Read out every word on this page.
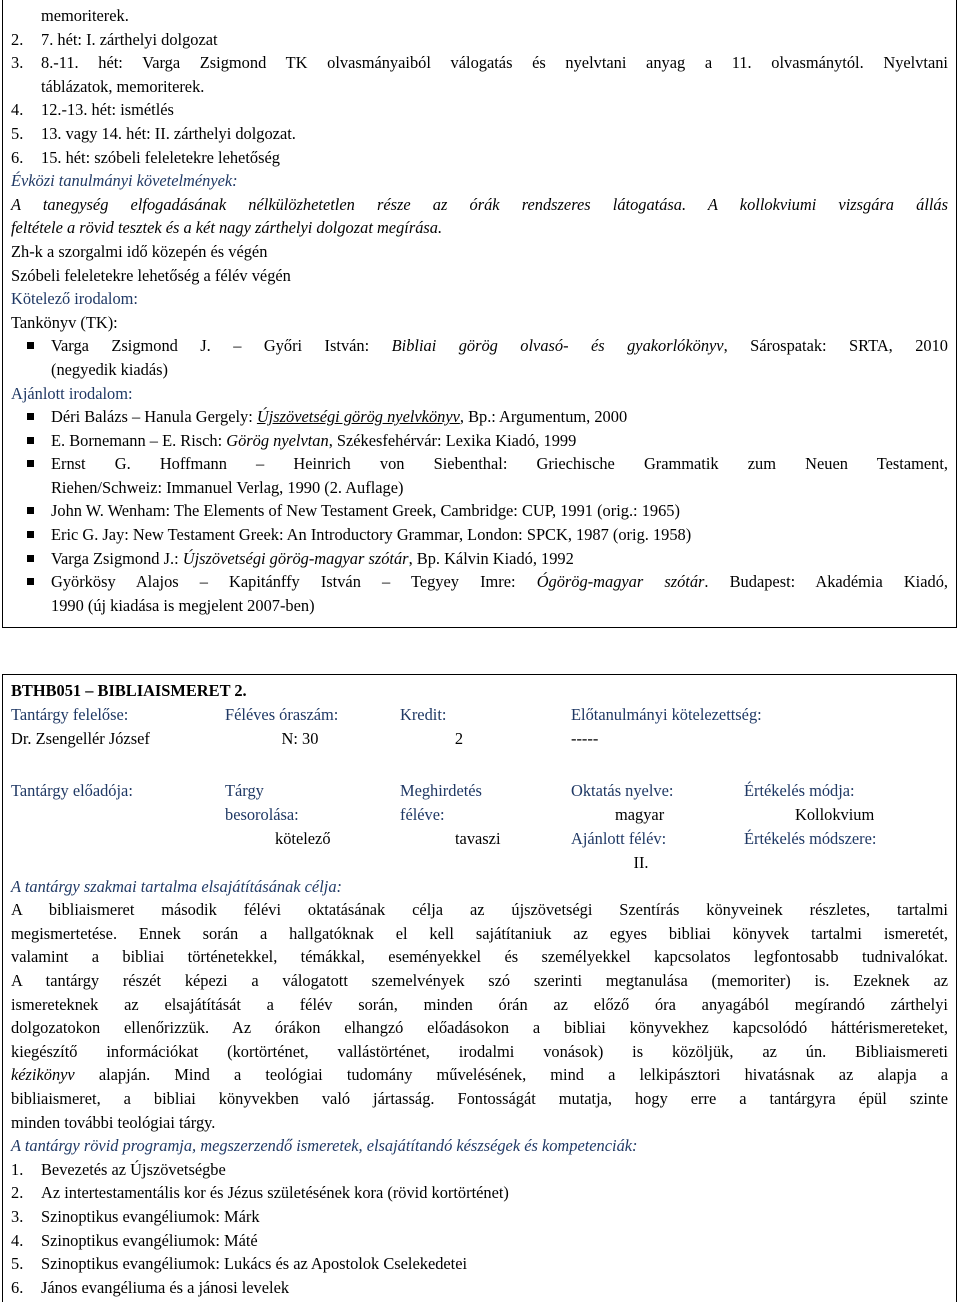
memoriterek.
2. 7. hét: I. zárthelyi dolgozat
3. 8.-11. hét: Varga Zsigmond TK olvasmányaiból válogatás és nyelvtani anyag a 11. olvasmánytól. Nyelvtani
táblázatok, memoriterek.
4. 12.-13. hét: ismétlés
5. 13. vagy 14. hét: II. zárthelyi dolgozat.
6. 15. hét: szóbeli feleletekre lehetőség
Évközi tanulmányi követelmények:
A tanegység elfogadásának nélkülözhetetlen része az órák rendszeres látogatása. A kollokviumi vizsgára állás
feltétele a rövid tesztek és a két nagy zárthelyi dolgozat megírása.
Zh-k a szorgalmi idő közepén és végén
Szóbeli feleletekre lehetőség a félév végén
Kötelező irodalom:
Tankönyv (TK):
Varga Zsigmond J. – Győri István: Bibliai görög olvasó- és gyakorlókönyv, Sárospatak: SRTA, 2010
(negyedik kiadás)
Ajánlott irodalom:
Déri Balázs – Hanula Gergely: Újszövetségi görög nyelvkönyv, Bp.: Argumentum, 2000
E. Bornemann – E. Risch: Görög nyelvtan, Székesfehérvár: Lexika Kiadó, 1999
Ernst G. Hoffmann – Heinrich von Siebenthal: Griechische Grammatik zum Neuen Testament,
Riehen/Schweiz: Immanuel Verlag, 1990 (2. Auflage)
John W. Wenham: The Elements of New Testament Greek, Cambridge: CUP, 1991 (orig.: 1965)
Eric G. Jay: New Testament Greek: An Introductory Grammar, London: SPCK, 1987 (orig. 1958)
Varga Zsigmond J.: Újszövetségi görög-magyar szótár, Bp. Kálvin Kiadó, 1992
Györkösy Alajos – Kapitánffy István – Tegyey Imre: Ógörög-magyar szótár. Budapest: Akadémia Kiadó,
1990 (új kiadása is megjelent 2007-ben)
BTHB051 – BIBLIAISMERET 2.
Tantárgy felelőse:
Dr. Zsengellér József
Féléves óraszám:
N: 30
Kredit:
2
Előtanulmányi kötelezettség:
-----
Tantárgy előadója:	Tárgy
besorolása:
kötelező
Meghirdetés
féléve:
tavaszi
Oktatás nyelve:
magyar
Ajánlott félév:
II.
Értékelés módja:
Kollokvium
Értékelés módszere:
A tantárgy szakmai tartalma elsajátításának célja:
A bibliaismeret második félévi oktatásának célja az újszövetségi Szentírás könyveinek részletes, tartalmi
megismertetése. Ennek során a hallgatóknak el kell sajátítaniuk az egyes bibliai könyvek tartalmi ismeretét,
valamint a bibliai történetekkel, témákkal, eseményekkel és személyekkel kapcsolatos legfontosabb tudnivalókat.
A tantárgy részét képezi a válogatott szemelvények szó szerinti megtanulása (memoriter) is. Ezeknek az
ismereteknek az elsajátítását a félév során, minden órán az előző óra anyagából megírandó zárthelyi
dolgozatokon ellenőrizzük. Az órákon elhangzó előadásokon a bibliai könyvekhez kapcsolódó háttérismereteket,
kiegészítő információkat (kortörténet, vallástörténet, irodalmi vonások) is közöljük, az ún. Bibliaismereti
kézikönyv alapján. Mind a teológiai tudomány művelésének, mind a lelkipásztori hivatásnak az alapja a
bibliaismeret, a bibliai könyvekben való jártasság. Fontosságát mutatja, hogy erre a tantárgyra épül szinte
minden további teológiai tárgy.
A tantárgy rövid programja, megszerzendő ismeretek, elsajátítandó készségek és kompetenciák:
1. Bevezetés az Újszövetségbe
2. Az intertestamentális kor és Jézus születésének kora (rövid kortörténet)
3. Szinoptikus evangéliumok: Márk
4. Szinoptikus evangéliumok: Máté
5. Szinoptikus evangéliumok: Lukács és az Apostolok Cselekedetei
6. János evangéliuma és a jánosi levelek
